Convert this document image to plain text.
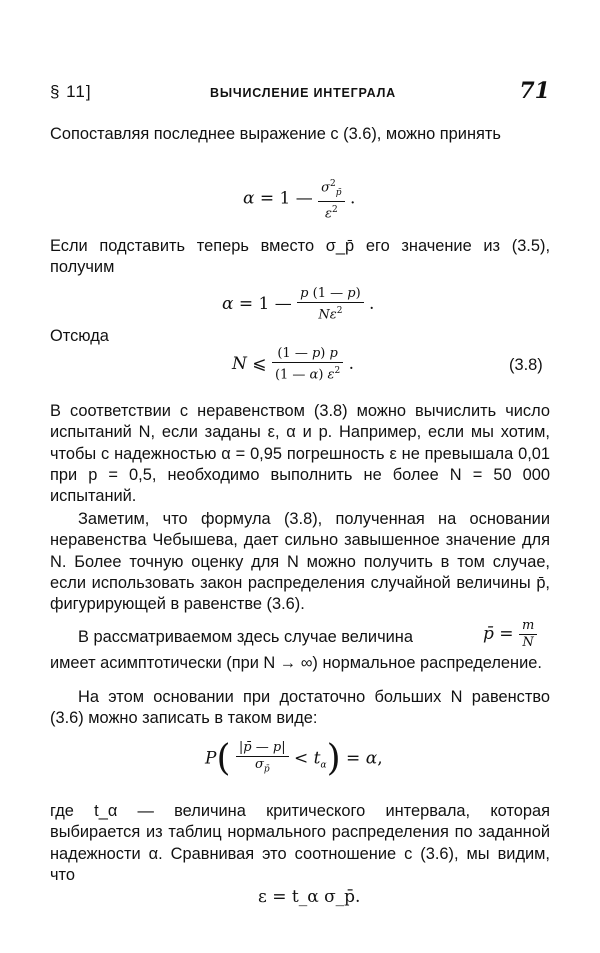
§ 11]	ВЫЧИСЛЕНИЕ ИНТЕГРАЛА	71
Сопоставляя последнее выражение с (3.6), можно принять
α = 1 — $\frac{\sigma^2_{p̄}}{\varepsilon^2}$ .
Если подставить теперь вместо σ_p̄ его значение из (3.5), получим
α = 1 — $\frac{p (1 — p)}{N\varepsilon^2}$ .
Отсюда
N ⩽ $\frac{(1 — p) p}{(1 — \alpha) \varepsilon^2}$ .	(3.8)
В соответствии с неравенством (3.8) можно вычислить число испытаний N, если заданы ε, α и p. Например, если мы хотим, чтобы с надежностью α = 0,95 погрешность ε не превышала 0,01 при p = 0,5, необходимо выполнить не более N = 50 000 испытаний.
Заметим, что формула (3.8), полученная на основании неравенства Чебышева, дает сильно завышенное значение для N. Более точную оценку для N можно получить в том случае, если использовать закон распределения случайной величины p̄, фигурирующей в равенстве (3.6).
В рассматриваемом здесь случае величина	p̄ = $\frac{m}{N}$
имеет асимптотически (при N → ∞) нормальное распределение.
На этом основании при достаточно больших N равенство (3.6) можно записать в таком виде:
$P( \frac{|p̄ — p|}{\sigma_{p̄}} < t_\alpha) = \alpha$,
где t_α — величина критического интервала, которая выбирается из таблиц нормального распределения по заданной надежности α. Сравнивая это соотношение с (3.6), мы видим, что
ε = t_α σ_p̄.
